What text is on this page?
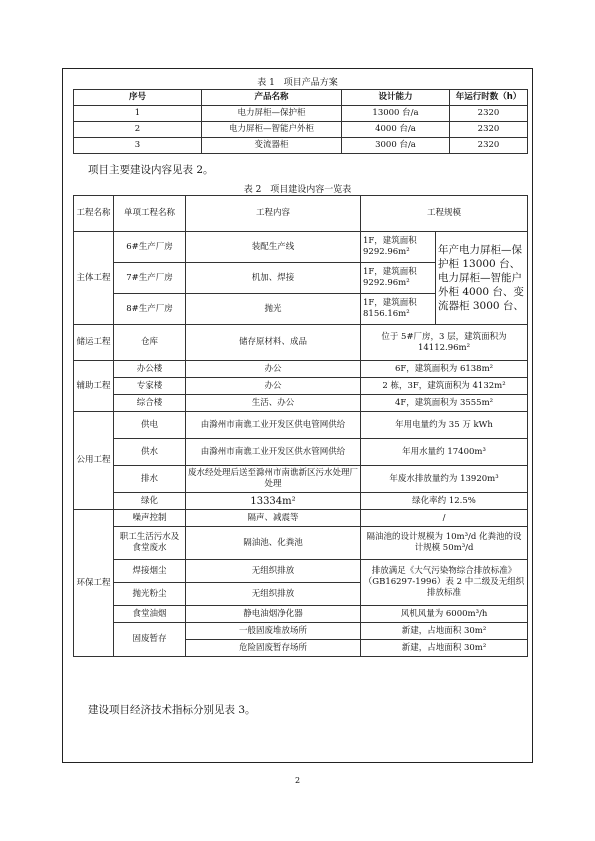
表 1　项目产品方案
序号	产品名称	设计能力	年运行时数（h）
1	电力屏柜—保护柜	13000 台/a	2320
2	电力屏柜—智能户外柜	4000 台/a	2320
3	变流器柜	3000 台/a	2320
项目主要建设内容见表 2。
表 2　项目建设内容一览表
工程名称	单项工程名称	工程内容	工程规模	
主体工程	6#生产厂房	装配生产线	1F，建筑面积 9292.96m²	年产电力屏柜—保护柜 13000 台、电力屏柜—智能户外柜 4000 台、变流器柜 3000 台、
	7#生产厂房	机加、焊接	1F，建筑面积 9292.96m²	
	8#生产厂房	抛光	1F，建筑面积 8156.16m²	
储运工程	仓库	储存原材料、成品	位于 5#厂房，3 层，建筑面积为 14112.96m²	
辅助工程	办公楼	办公	6F，建筑面积为 6138m²	
	专家楼	办公	2 栋，3F，建筑面积为 4132m²	
	综合楼	生活、办公	4F，建筑面积为 3555m²	
公用工程	供电	由滁州市南谯工业开发区供电管网供给	年用电量约为 35 万 kWh	
	供水	由滁州市南谯工业开发区供水管网供给	年用水量约 17400m³	
	排水	废水经处理后送至滁州市南谯新区污水处理厂处理	年废水排放量约为 13920m³	
	绿化	13334m²	绿化率约 12.5%	
环保工程	噪声控制	隔声、减震等	/	
	职工生活污水及食堂废水	隔油池、化粪池	隔油池的设计规模为 10m³/d 化粪池的设计规模 50m³/d	
	焊接烟尘	无组织排放	排放满足《大气污染物综合排放标准》（GB16297-1996）表 2 中二级及无组织排放标准	
	抛光粉尘	无组织排放		
	食堂油烟	静电油烟净化器	风机风量为 6000m³/h	
	固废暂存	一般固废堆放场所	新建，占地面积 30m²	
		危险固废暂存场所	新建，占地面积 30m²	
建设项目经济技术指标分别见表 3。
2
